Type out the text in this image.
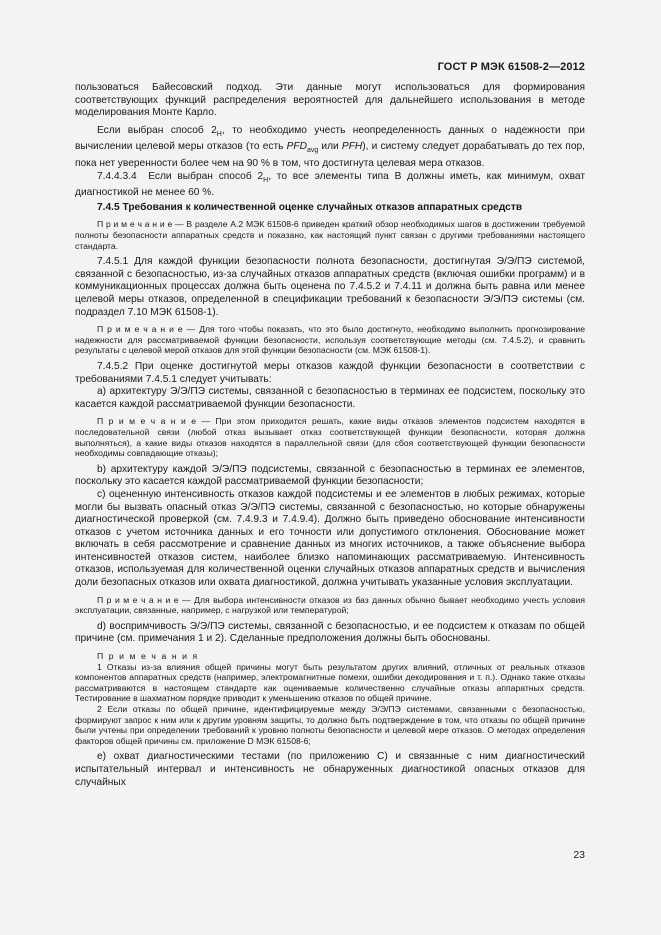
ГОСТ Р МЭК 61508-2—2012

пользоваться Байесовский подход. Эти данные могут использоваться для формирования соответствующих функций распределения вероятностей для дальнейшего использования в методе моделирования Монте Карло.

Если выбран способ $2_H$, то необходимо учесть неопределенность данных о надежности при вычислении целевой меры отказов (то есть $PFD_{avg}$ или PFH), и систему следует дорабатывать до тех пор, пока нет уверенности более чем на 90 % в том, что достигнута целевая мера отказов.

7.4.4.3.4  Если выбран способ $2_H$, то все элементы типа В должны иметь, как минимум, охват диагностикой не менее 60 %.

7.4.5 Требования к количественной оценке случайных отказов аппаратных средств

П р и м е ч а н и е — В разделе А.2 МЭК 61508-6 приведен краткий обзор необходимых шагов в достижении требуемой полноты безопасности аппаратных средств и показано, как настоящий пункт связан с другими требованиями настоящего стандарта.

7.4.5.1 Для каждой функции безопасности полнота безопасности, достигнутая Э/Э/ПЭ системой, связанной с безопасностью, из-за случайных отказов аппаратных средств (включая ошибки программ) и в коммуникационных процессах должна быть оценена по 7.4.5.2 и 7.4.11 и должна быть равна или менее целевой меры отказов, определенной в спецификации требований к безопасности Э/Э/ПЭ системы (см. подраздел 7.10 МЭК 61508-1).

П р и м е ч а н и е — Для того чтобы показать, что это было достигнуто, необходимо выполнить прогнозирование надежности для рассматриваемой функции безопасности, используя соответствующие методы (см. 7.4.5.2), и сравнить результаты с целевой мерой отказов для этой функции безопасности (см. МЭК 61508-1).

7.4.5.2 При оценке достигнутой меры отказов каждой функции безопасности в соответствии с требованиями 7.4.5.1 следует учитывать:

а) архитектуру Э/Э/ПЭ системы, связанной с безопасностью в терминах ее подсистем, поскольку это касается каждой рассматриваемой функции безопасности.

П р и м е ч а н и е — При этом приходится решать, какие виды отказов элементов подсистем находятся в последовательной связи (любой отказ вызывает отказ соответствующей функции безопасности, которая должна выполняться), а какие виды отказов находятся в параллельной связи (для сбоя соответствующей функции безопасности необходимы совпадающие отказы);

b) архитектуру каждой Э/Э/ПЭ подсистемы, связанной с безопасностью в терминах ее элементов, поскольку это касается каждой рассматриваемой функции безопасности;

c) оцененную интенсивность отказов каждой подсистемы и ее элементов в любых режимах, которые могли бы вызвать опасный отказ Э/Э/ПЭ системы, связанной с безопасностью, но которые обнаружены диагностической проверкой (см. 7.4.9.3 и 7.4.9.4). Должно быть приведено обоснование интенсивности отказов с учетом источника данных и его точности или допустимого отклонения. Обоснование может включать в себя рассмотрение и сравнение данных из многих источников, а также объяснение выбора интенсивностей отказов систем, наиболее близко напоминающих рассматриваемую. Интенсивность отказов, используемая для количественной оценки случайных отказов аппаратных средств и вычисления доли безопасных отказов или охвата диагностикой, должна учитывать указанные условия эксплуатации.

П р и м е ч а н и е — Для выбора интенсивности отказов из баз данных обычно бывает необходимо учесть условия эксплуатации, связанные, например, с нагрузкой или температурой;

d) воспримчивость Э/Э/ПЭ системы, связанной с безопасностью, и ее подсистем к отказам по общей причине (см. примечания 1 и 2). Сделанные предположения должны быть обоснованы.

П р и м е ч а н и я

1 Отказы из-за влияния общей причины могут быть результатом других влияний, отличных от реальных отказов компонентов аппаратных средств (например, электромагнитные помехи, ошибки декодирования и т. п.). Однако такие отказы рассматриваются в настоящем стандарте как оцениваемые количественно случайные отказы аппаратных средств. Тестирование в шахматном порядке приводит к уменьшению отказов по общей причине.

2 Если отказы по общей причине, идентифицируемые между Э/Э/ПЭ системами, связанными с безопасностью, формируют запрос к ним или к другим уровням защиты, то должно быть подтверждение в том, что отказы по общей причине были учтены при определении требований к уровню полноты безопасности и целевой мере отказов. О методах определения факторов общей причины см. приложение D МЭК 61508-6;

e) охват диагностическими тестами (по приложению C) и связанные с ним диагностический испытательный интервал и интенсивность не обнаруженных диагностикой опасных отказов для случайных

23
